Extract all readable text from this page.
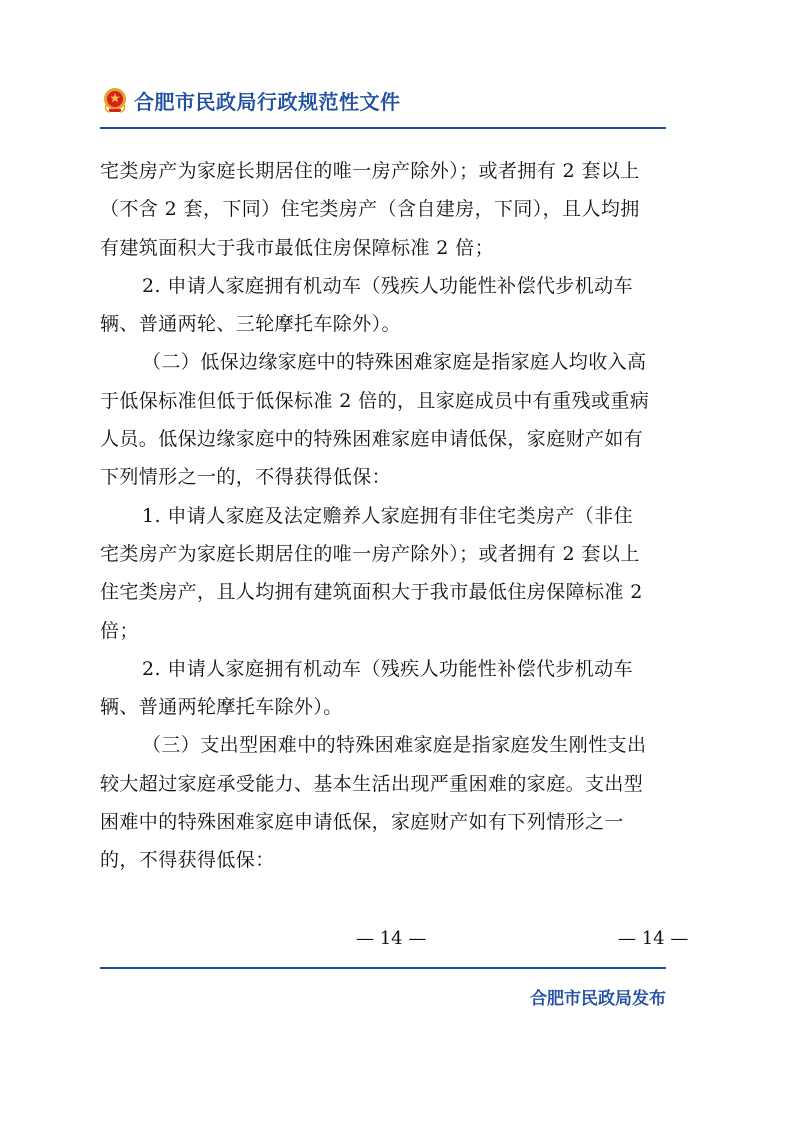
合肥市民政局行政规范性文件
宅类房产为家庭长期居住的唯一房产除外）；或者拥有 2 套以上
（不含 2 套，下同）住宅类房产（含自建房，下同），且人均拥
有建筑面积大于我市最低住房保障标准 2 倍；
2. 申请人家庭拥有机动车（残疾人功能性补偿代步机动车
辆、普通两轮、三轮摩托车除外）。
（二）低保边缘家庭中的特殊困难家庭是指家庭人均收入高
于低保标准但低于低保标准 2 倍的，且家庭成员中有重残或重病
人员。低保边缘家庭中的特殊困难家庭申请低保，家庭财产如有
下列情形之一的，不得获得低保：
1. 申请人家庭及法定赡养人家庭拥有非住宅类房产（非住
宅类房产为家庭长期居住的唯一房产除外）；或者拥有 2 套以上
住宅类房产，且人均拥有建筑面积大于我市最低住房保障标准 2
倍；
2. 申请人家庭拥有机动车（残疾人功能性补偿代步机动车
辆、普通两轮摩托车除外）。
（三）支出型困难中的特殊困难家庭是指家庭发生刚性支出
较大超过家庭承受能力、基本生活出现严重困难的家庭。支出型
困难中的特殊困难家庭申请低保，家庭财产如有下列情形之一
的，不得获得低保：
— 14 —	— 14 —
合肥市民政局发布
